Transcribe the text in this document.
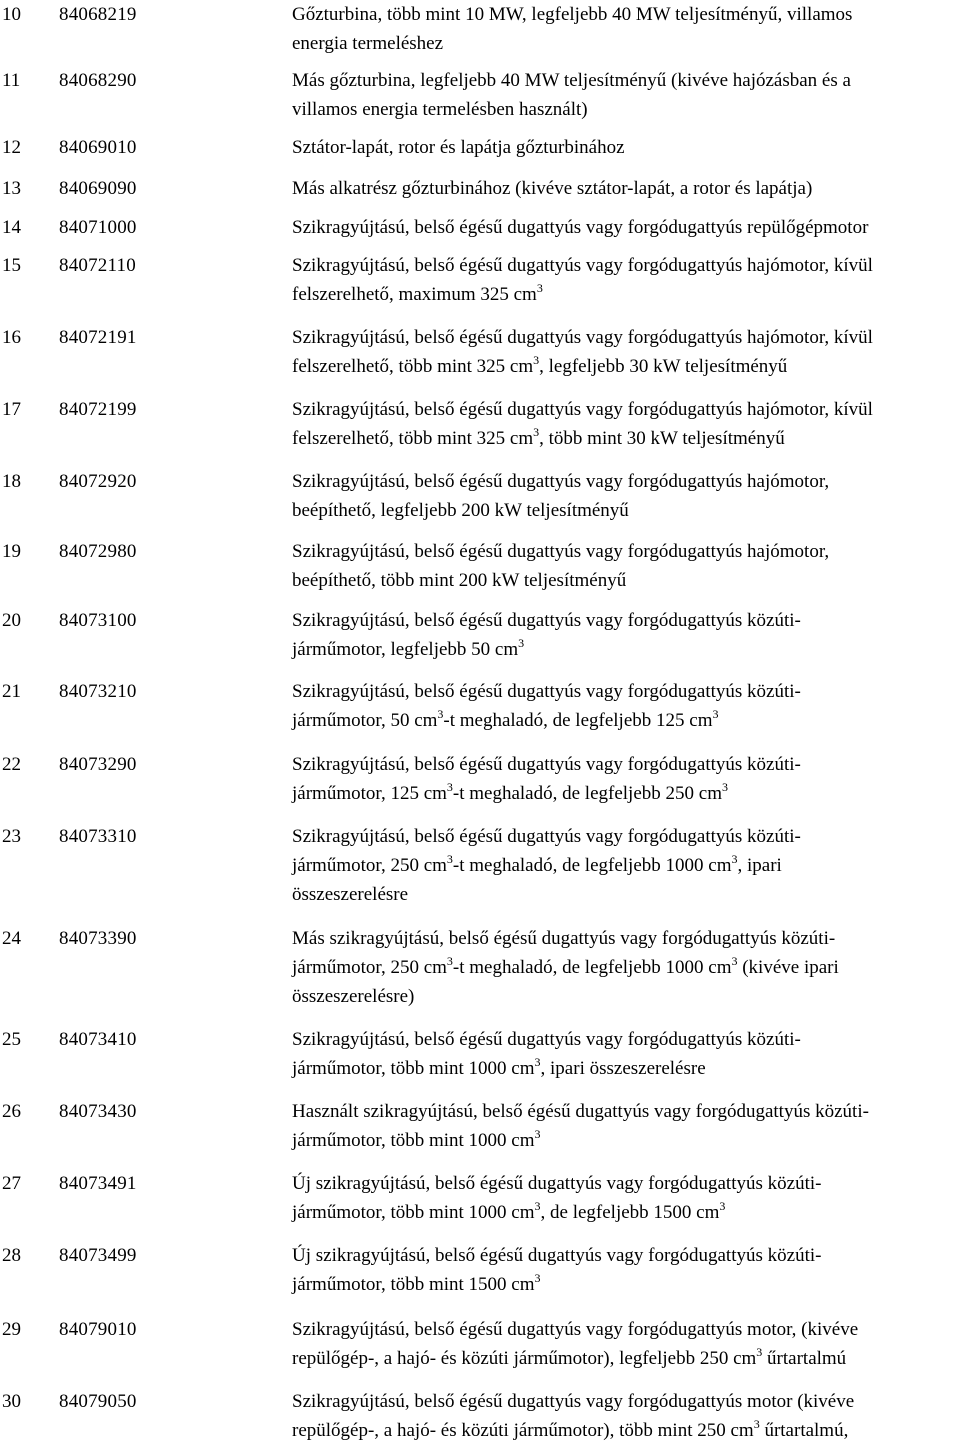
10 84068219	Gőzturbina, több mint 10 MW, legfeljebb 40 MW teljesítményű, villamos
energia termeléshez
11 84068290	Más gőzturbina, legfeljebb 40 MW teljesítményű (kivéve hajózásban és a
villamos energia termelésben használt)
12 84069010	Sztátor-lapát, rotor és lapátja gőzturbinához
13 84069090	Más alkatrész gőzturbinához (kivéve sztátor-lapát, a rotor és lapátja)
14 84071000	Szikragyújtású, belső égésű dugattyús vagy forgódugattyús repülőgépmotor
15 84072110	Szikragyújtású, belső égésű dugattyús vagy forgódugattyús hajómotor, kívül
felszerelhető, maximum 325 $cm^3$
16 84072191	Szikragyújtású, belső égésű dugattyús vagy forgódugattyús hajómotor, kívül
felszerelhető, több mint 325 $cm^3$, legfeljebb 30 kW teljesítményű
17 84072199	Szikragyújtású, belső égésű dugattyús vagy forgódugattyús hajómotor, kívül
felszerelhető, több mint 325 $cm^3$, több mint 30 kW teljesítményű
18 84072920	Szikragyújtású, belső égésű dugattyús vagy forgódugattyús hajómotor,
beépíthető, legfeljebb 200 kW teljesítményű
19 84072980	Szikragyújtású, belső égésű dugattyús vagy forgódugattyús hajómotor,
beépíthető, több mint 200 kW teljesítményű
20 84073100	Szikragyújtású, belső égésű dugattyús vagy forgódugattyús közúti-
járműmotor, legfeljebb 50 $cm^3$
21 84073210	Szikragyújtású, belső égésű dugattyús vagy forgódugattyús közúti-
járműmotor, 50 $cm^3-t$ meghaladó, de legfeljebb 125 $cm^3$
22 84073290	Szikragyújtású, belső égésű dugattyús vagy forgódugattyús közúti-
járműmotor, 125 $cm^3-t$ meghaladó, de legfeljebb 250 $cm^3$
23 84073310	Szikragyújtású, belső égésű dugattyús vagy forgódugattyús közúti-
járműmotor, 250 $cm^3-t$ meghaladó, de legfeljebb 1000 $cm^3$, ipari
összeszerelésre
24 84073390	Más szikragyújtású, belső égésű dugattyús vagy forgódugattyús közúti-
járműmotor, 250 $cm^3-t$ meghaladó, de legfeljebb 1000 $cm^3$ (kivéve ipari
összeszerelésre)
25 84073410	Szikragyújtású, belső égésű dugattyús vagy forgódugattyús közúti-
járműmotor, több mint 1000 $cm^3$, ipari összeszerelésre
26 84073430	Használt szikragyújtású, belső égésű dugattyús vagy forgódugattyús közúti-
járműmotor, több mint 1000 $cm^3$
27 84073491	Új szikragyújtású, belső égésű dugattyús vagy forgódugattyús közúti-
járműmotor, több mint 1000 $cm^3$, de legfeljebb 1500 $cm^3$
28 84073499	Új szikragyújtású, belső égésű dugattyús vagy forgódugattyús közúti-
járműmotor, több mint 1500 $cm^3$
29 84079010	Szikragyújtású, belső égésű dugattyús vagy forgódugattyús motor, (kivéve
repülőgép-, a hajó- és közúti járműmotor), legfeljebb 250 $cm^3$ űrtartalmú
30 84079050	Szikragyújtású, belső égésű dugattyús vagy forgódugattyús motor (kivéve
repülőgép-, a hajó- és közúti járműmotor), több mint 250 $cm^3$ űrtartalmú,
